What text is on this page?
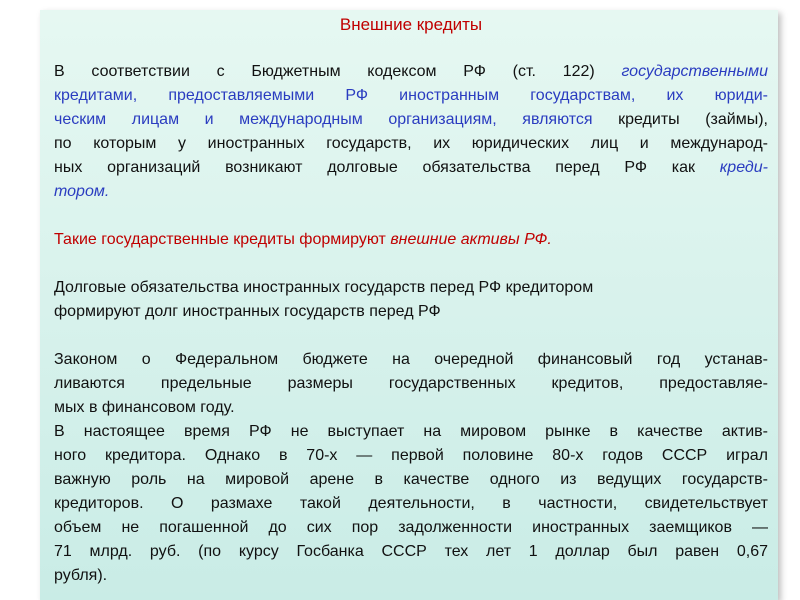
Внешние кредиты
В соответствии с Бюджетным кодексом РФ (ст. 122) государственными
кредитами, предоставляемыми РФ иностранным государствам, их юриди-
ческим лицам и международным организациям, являются кредиты (займы),
по которым у иностранных государств, их юридических лиц и международ-
ных организаций возникают долговые обязательства перед РФ как креди-
тором.
Такие государственные кредиты формируют внешние активы РФ.
Долговые обязательства иностранных государств перед РФ кредитором
формируют долг иностранных государств перед РФ
Законом о Федеральном бюджете на очередной финансовый год устанав-
ливаются предельные размеры государственных кредитов, предоставляе-
мых в финансовом году.
В настоящее время РФ не выступает на мировом рынке в качестве актив-
ного кредитора. Однако в 70-х — первой половине 80-х годов СССР играл
важную роль на мировой арене в качестве одного из ведущих государств-
кредиторов. О размахе такой деятельности, в частности, свидетельствует
объем не погашенной до сих пор задолженности иностранных заемщиков —
71 млрд. руб. (по курсу Госбанка СССР тех лет 1 доллар был равен 0,67
рубля).
